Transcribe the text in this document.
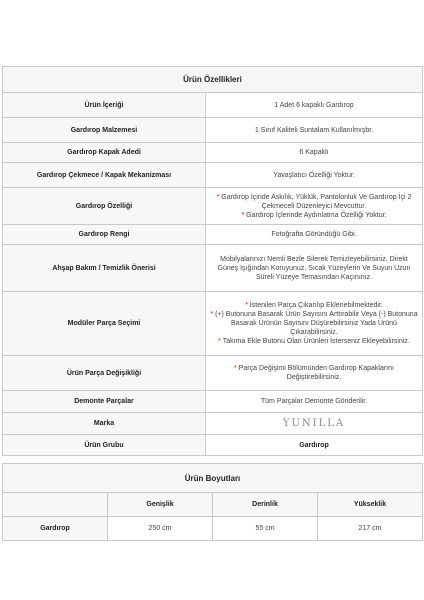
Ürün Özellikleri	
Ürün İçeriği	1 Adet 6 kapaklı Gardırop
Gardırop Malzemesi	1.Sınıf Kaliteli Suntalam Kullanılmışbr.
Gardırop Kapak Adedi	6 Kapaklı
Gardırop Çekmece / Kapak Mekanizması	Yavaşlatıcı Özelliği Yoktur.
Gardırop Özelliği	* Gardırop İçinde Askılık, Yüklük, Pantolonluk Ve Gardırop İçi 2 Çekmeceli Düzenleyici Mevcuttur.
* Gardırop İçlerinde Aydınlatma Özelliği Yoktur.

Gardırop Rengi	Fotoğrafta Göründüğü Gibi.
Ahşap Bakım / Temizlik Önerisi	Mobilyalarınızı Nemli Bezle Silerek Temizleyebilirsiniz. Direkt Güneş Işığından Koruyunuz. Sıcak Yüzeylerin Ve Suyun Uzun Süreli Yüzeye Temasından Kaçınınız.
Modüler Parça Seçimi	* İstenilen Parça Çıkarılıp Eklenebilmektedir.
* (+) Butonuna Basarak Ürün Sayısını Arttırabilir Veya (-) Butonuna Basarak Ürünün Sayısını Düşürebilirsiniz Yada Ürünü Çıkarabilirsiniz.
* Takıma Ekle Butonu Olan Ürünleri İsterseniz Ekleyebilirsiniz.

Ürün Parça Değişikliği	* Parça Değişimi Bölümünden Gardırop Kapaklarını Değiştirebilirsiniz.

Demonte Parçalar	Tüm Parçalar Demonte Gönderilir.
Marka	YUNILLA
Ürün Grubu	Gardırop
Ürün Boyutları			
	Genişlik	Derinlik	Yükseklik
Gardırop	250 cm	55 cm	217 cm
